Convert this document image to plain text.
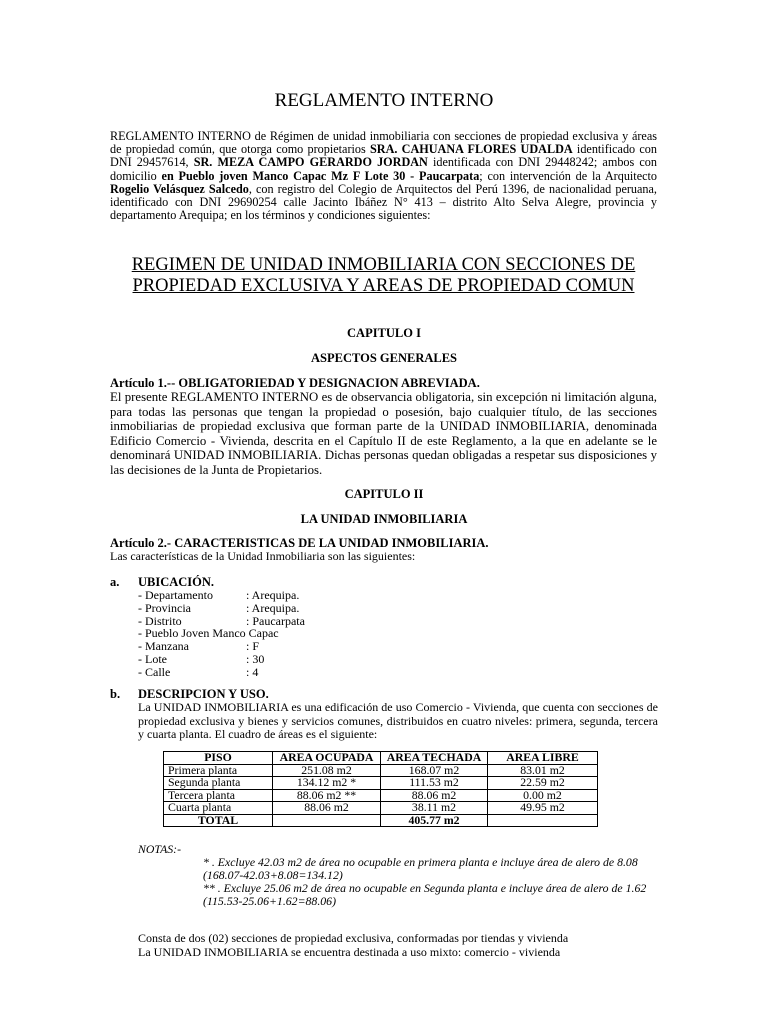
REGLAMENTO INTERNO
REGLAMENTO INTERNO de Régimen de unidad inmobiliaria con secciones de propiedad exclusiva y áreas de propiedad común, que otorga como propietarios SRA. CAHUANA FLORES UDALDA identificado con DNI 29457614, SR. MEZA CAMPO GERARDO JORDAN identificada con DNI 29448242; ambos con domicilio en Pueblo joven Manco Capac Mz F Lote 30 - Paucarpata; con intervención de la Arquitecto Rogelio Velásquez Salcedo, con registro del Colegio de Arquitectos del Perú 1396, de nacionalidad peruana, identificado con DNI 29690254 calle Jacinto Ibáñez N° 413 – distrito Alto Selva Alegre, provincia y departamento Arequipa; en los términos y condiciones siguientes:
REGIMEN DE UNIDAD INMOBILIARIA CON SECCIONES DE PROPIEDAD EXCLUSIVA Y AREAS DE PROPIEDAD COMUN
CAPITULO I
ASPECTOS GENERALES
Artículo 1.-- OBLIGATORIEDAD Y DESIGNACION ABREVIADA.
El presente REGLAMENTO INTERNO es de observancia obligatoria, sin excepción ni limitación alguna, para todas las personas que tengan la propiedad o posesión, bajo cualquier título, de las secciones inmobiliarias de propiedad exclusiva que forman parte de la UNIDAD INMOBILIARIA, denominada Edificio Comercio - Vivienda, descrita en el Capítulo II de este Reglamento, a la que en adelante se le denominará UNIDAD INMOBILIARIA. Dichas personas quedan obligadas a respetar sus disposiciones y las decisiones de la Junta de Propietarios.
CAPITULO II
LA UNIDAD INMOBILIARIA
Artículo 2.- CARACTERISTICAS DE LA UNIDAD INMOBILIARIA.
Las características de la Unidad Inmobiliaria son las siguientes:
a. UBICACIÓN.
- Departamento	: Arequipa.
- Provincia	: Arequipa.
- Distrito	: Paucarpata
- Pueblo Joven Manco Capac
- Manzana	: F
- Lote	: 30
- Calle	: 4
b. DESCRIPCION Y USO.
La UNIDAD INMOBILIARIA es una edificación de uso Comercio - Vivienda, que cuenta con secciones de propiedad exclusiva y bienes y servicios comunes, distribuidos en cuatro niveles: primera, segunda, tercera y cuarta planta. El cuadro de áreas es el siguiente:
PISO	AREA OCUPADA	AREA TECHADA	AREA LIBRE
Primera planta	251.08 m2	168.07 m2	83.01 m2
Segunda planta	134.12 m2 *	111.53 m2	22.59 m2
Tercera planta	88.06 m2 **	88.06 m2	0.00 m2
Cuarta planta	88.06 m2	38.11 m2	49.95 m2
TOTAL		405.77 m2	
NOTAS:-
* . Excluye 42.03 m2 de área no ocupable en primera planta e incluye área de alero de 8.08
(168.07-42.03+8.08=134.12)
** . Excluye 25.06 m2 de área no ocupable en Segunda planta e incluye área de alero de 1.62
(115.53-25.06+1.62=88.06)
Consta de dos (02) secciones de propiedad exclusiva, conformadas por tiendas y vivienda
La UNIDAD INMOBILIARIA se encuentra destinada a uso mixto: comercio - vivienda
